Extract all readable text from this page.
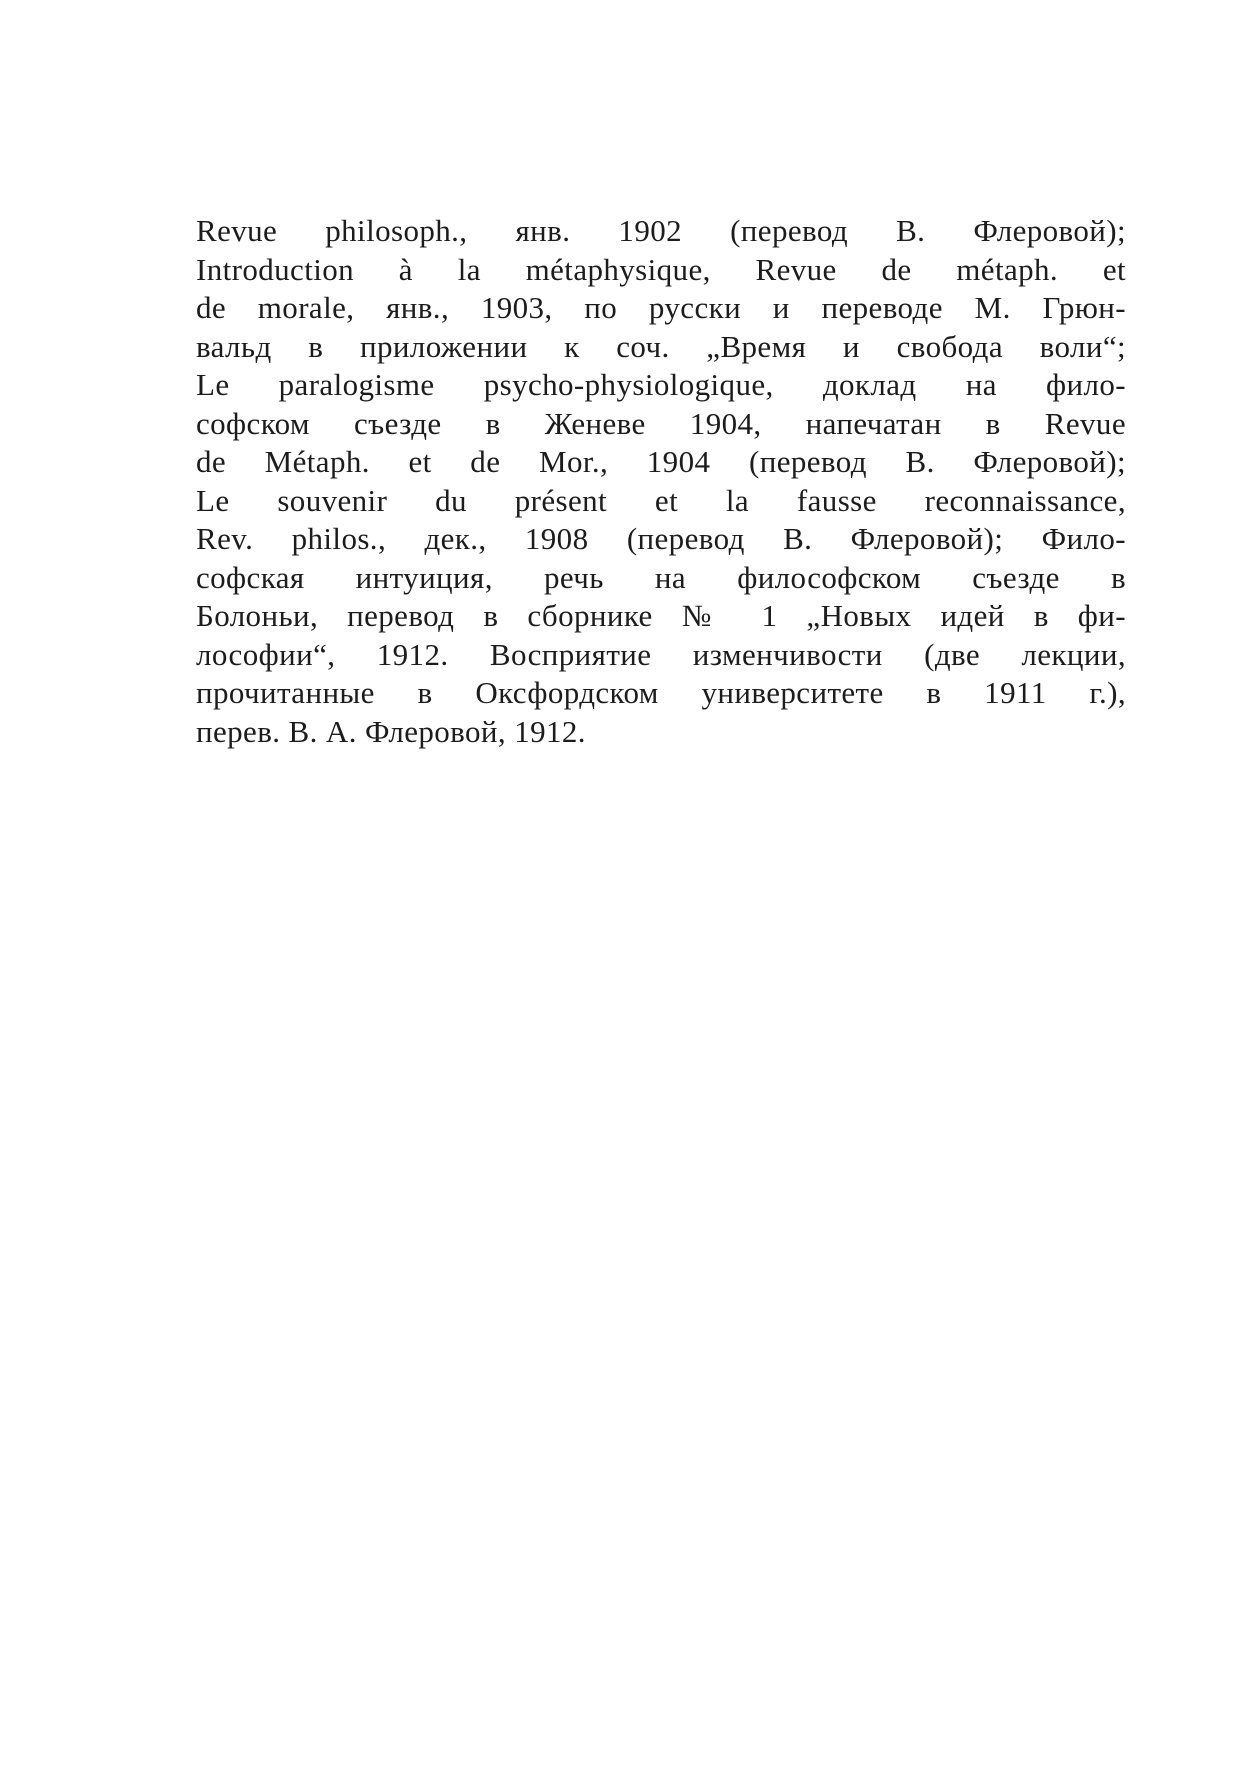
Revue philosoph., янв. 1902 (перевод В. Флеровой);
Introduction à la métaphysique, Revue de métaph. et
de morale, янв., 1903, по русски и переводе М. Грюн-
вальд в приложении к соч. „Время и свобода воли“;
Le paralogisme psycho-physiologique, доклад на фило-
софском съезде в Женеве 1904, напечатан в Revue
de Métaph. et de Mor., 1904 (перевод В. Флеровой);
Le souvenir du présent et la fausse reconnaissance,
Rev. philos., дек., 1908 (перевод В. Флеровой); Фило-
софская интуиция, речь на философском съезде в
Болоньи, перевод в сборнике № 1 „Новых идей в фи-
лософии“, 1912. Восприятие изменчивости (две лекции,
прочитанные в Оксфордском университете в 1911 г.),
перев. В. А. Флеровой, 1912.
